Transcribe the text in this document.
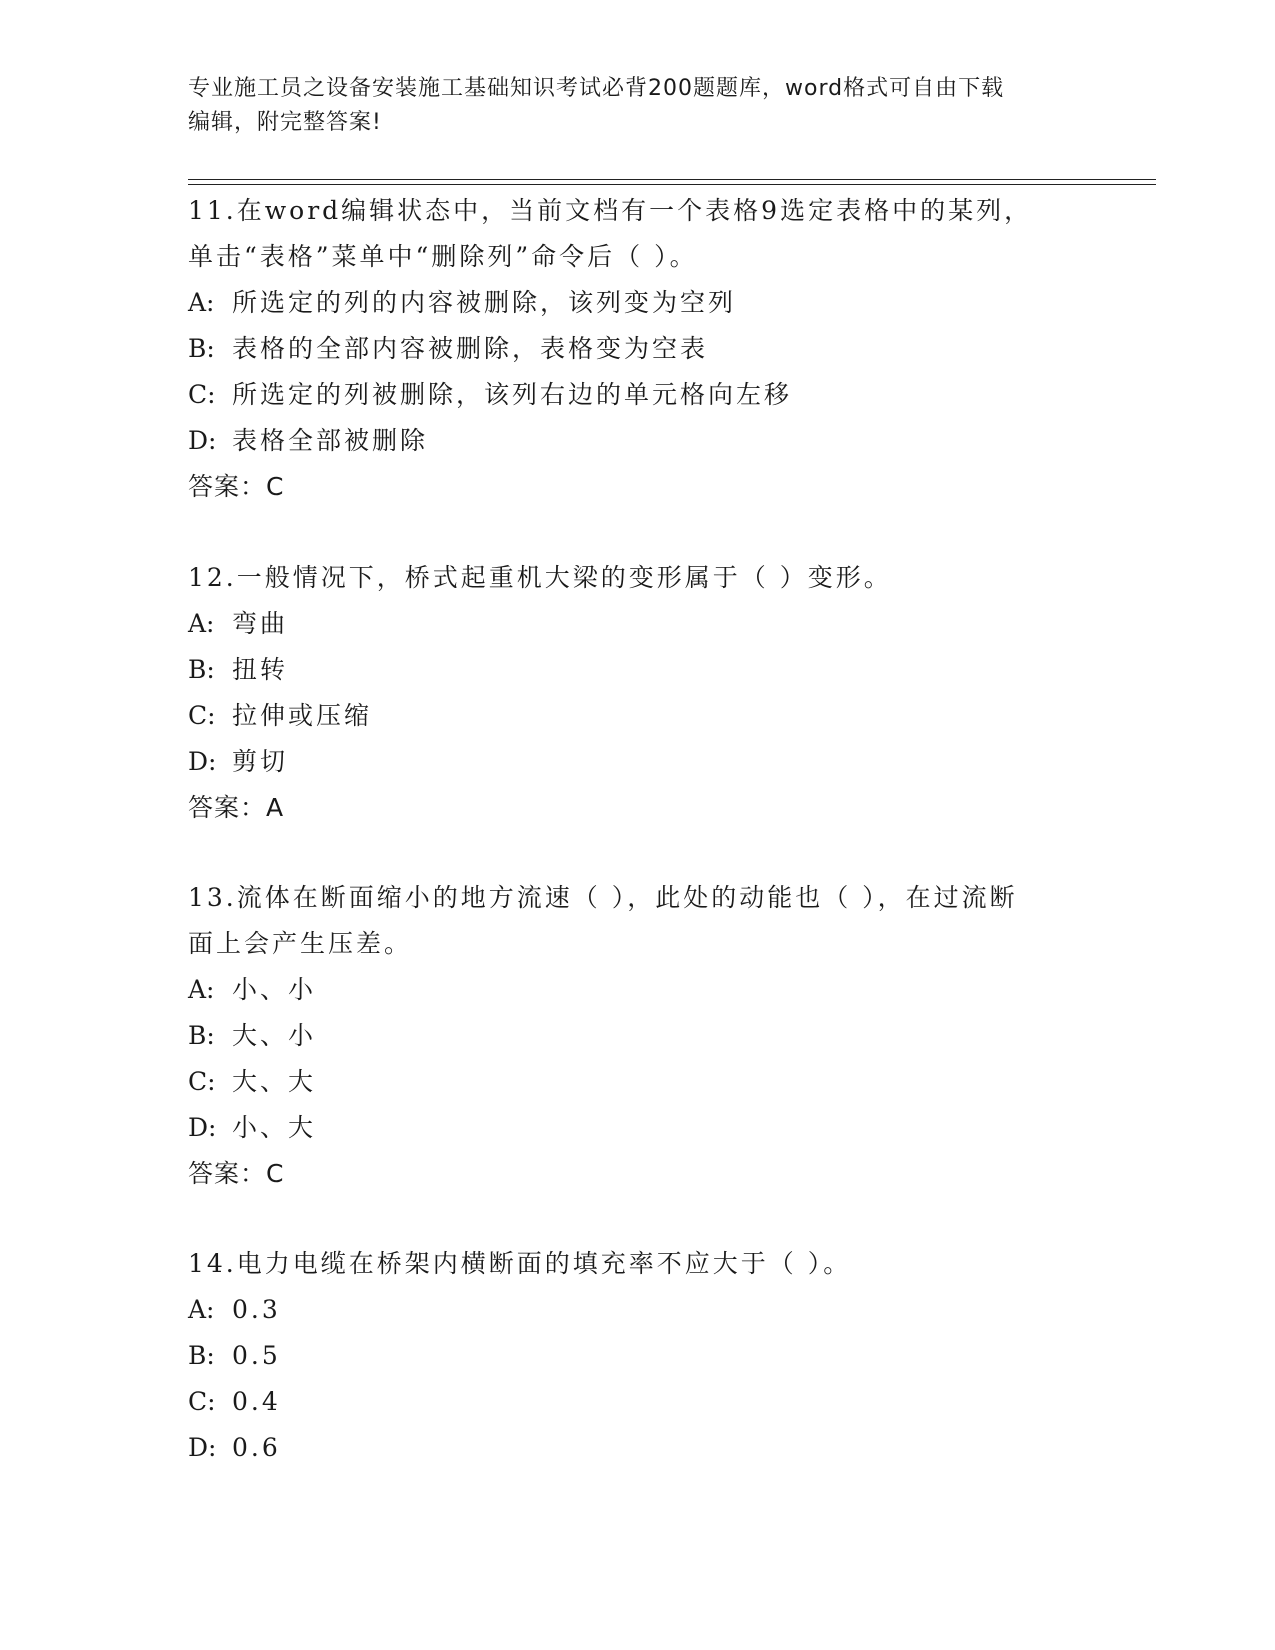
专业施工员之设备安装施工基础知识考试必背200题题库，word格式可自由下载
编辑，附完整答案!
11.在word编辑状态中，当前文档有一个表格9选定表格中的某列，
单击“表格”菜单中“删除列”命令后（ ）。
A: 所选定的列的内容被删除，该列变为空列
B: 表格的全部内容被删除，表格变为空表
C: 所选定的列被删除，该列右边的单元格向左移
D: 表格全部被删除
答案：C
12.一般情况下，桥式起重机大梁的变形属于（ ）变形。
A: 弯曲
B: 扭转
C: 拉伸或压缩
D: 剪切
答案：A
13.流体在断面缩小的地方流速（ ），此处的动能也（ ），在过流断
面上会产生压差。
A: 小、小
B: 大、小
C: 大、大
D: 小、大
答案：C
14.电力电缆在桥架内横断面的填充率不应大于（ ）。
A: 0.3
B: 0.5
C: 0.4
D: 0.6
